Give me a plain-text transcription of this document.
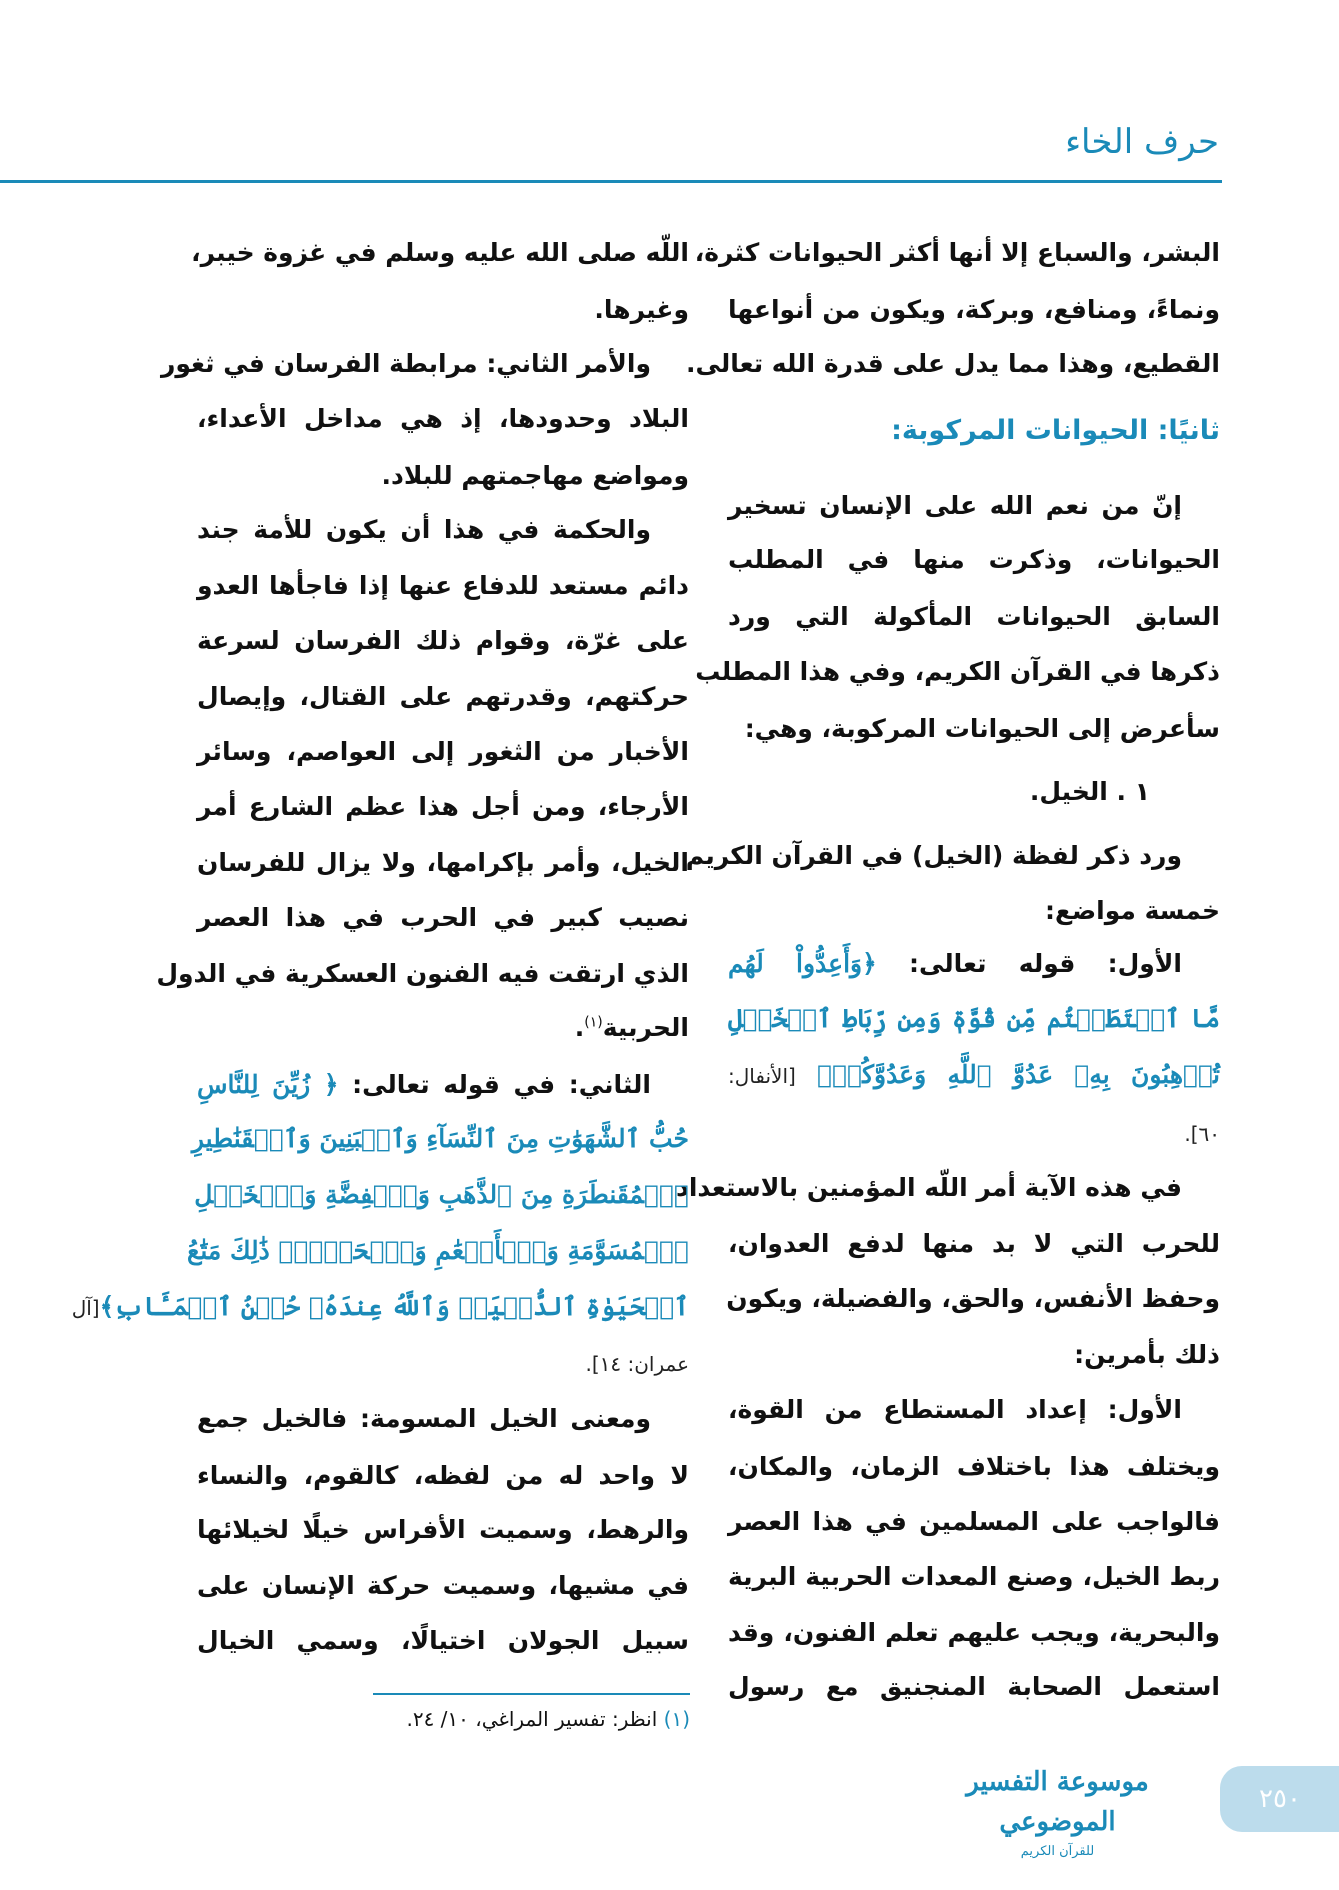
حرف الخاء
البشر، والسباع إلا أنها أكثر الحيوانات كثرة،
ونماءً، ومنافع، وبركة، ويكون من أنواعها
القطيع، وهذا مما يدل على قدرة الله تعالى.
ثانيًا: الحيوانات المركوبة:
إنّ من نعم الله على الإنسان تسخير
الحيوانات، وذكرت منها في المطلب
السابق الحيوانات المأكولة التي ورد
ذكرها في القرآن الكريم، وفي هذا المطلب
سأعرض إلى الحيوانات المركوبة، وهي:
١ . الخيل.
ورد ذكر لفظة (الخيل) في القرآن الكريم
خمسة مواضع:
الأول: قوله تعالى: ﴿وَأَعِدُّواْ لَهُم
مَّا ٱسۡتَطَعۡتُم مِّن قُوَّةٖ وَمِن رِّبَاطِ ٱلۡخَيۡلِ
تُرۡهِبُونَ بِهِۦ عَدُوَّ ٱللَّهِ وَعَدُوَّكُمۡ﴾ [الأنفال:
٦٠].
في هذه الآية أمر اللّه المؤمنين بالاستعداد
للحرب التي لا بد منها لدفع العدوان،
وحفظ الأنفس، والحق، والفضيلة، ويكون
ذلك بأمرين:
الأول: إعداد المستطاع من القوة،
ويختلف هذا باختلاف الزمان، والمكان،
فالواجب على المسلمين في هذا العصر
ربط الخيل، وصنع المعدات الحربية البرية
والبحرية، ويجب عليهم تعلم الفنون، وقد
استعمل الصحابة المنجنيق مع رسول
اللّه صلى الله عليه وسلم في غزوة خيبر،
وغيرها.
والأمر الثاني: مرابطة الفرسان في ثغور
البلاد وحدودها، إذ هي مداخل الأعداء،
ومواضع مهاجمتهم للبلاد.
والحكمة في هذا أن يكون للأمة جند
دائم مستعد للدفاع عنها إذا فاجأها العدو
على غرّة، وقوام ذلك الفرسان لسرعة
حركتهم، وقدرتهم على القتال، وإيصال
الأخبار من الثغور إلى العواصم، وسائر
الأرجاء، ومن أجل هذا عظم الشارع أمر
الخيل، وأمر بإكرامها، ولا يزال للفرسان
نصيب كبير في الحرب في هذا العصر
الذي ارتقت فيه الفنون العسكرية في الدول
الحربية$^{(١)}$.
الثاني: في قوله تعالى: ﴿ زُيِّنَ لِلنَّاسِ
حُبُّ ٱلشَّهَوَٰتِ مِنَ ٱلنِّسَآءِ وَٱلۡبَنِينَ وَٱلۡقَنَٰطِيرِ
ٱلۡمُقَنطَرَةِ مِنَ ٱلذَّهَبِ وَٱلۡفِضَّةِ وَٱلۡخَيۡلِ
ٱلۡمُسَوَّمَةِ وَٱلۡأَنۡعَٰمِ وَٱلۡحَرۡثِۗ ذَٰلِكَ مَتَٰعُ
ٱلۡحَيَوٰةِ ٱلدُّنۡيَاۖ وَٱللَّهُ عِندَهُۥ حُسۡنُ ٱلۡمَـَٔابِ﴾[آل
عمران: ١٤].
ومعنى الخيل المسومة: فالخيل جمع
لا واحد له من لفظه، كالقوم، والنساء
والرهط، وسميت الأفراس خيلًا لخيلائها
في مشيها، وسميت حركة الإنسان على
سبيل الجولان اختيالًا، وسمي الخيال
(١) انظر: تفسير المراغي، ١٠/ ٢٤.
موسوعة التفسير الموضوعي
للقرآن الكريم
٢٥٠
